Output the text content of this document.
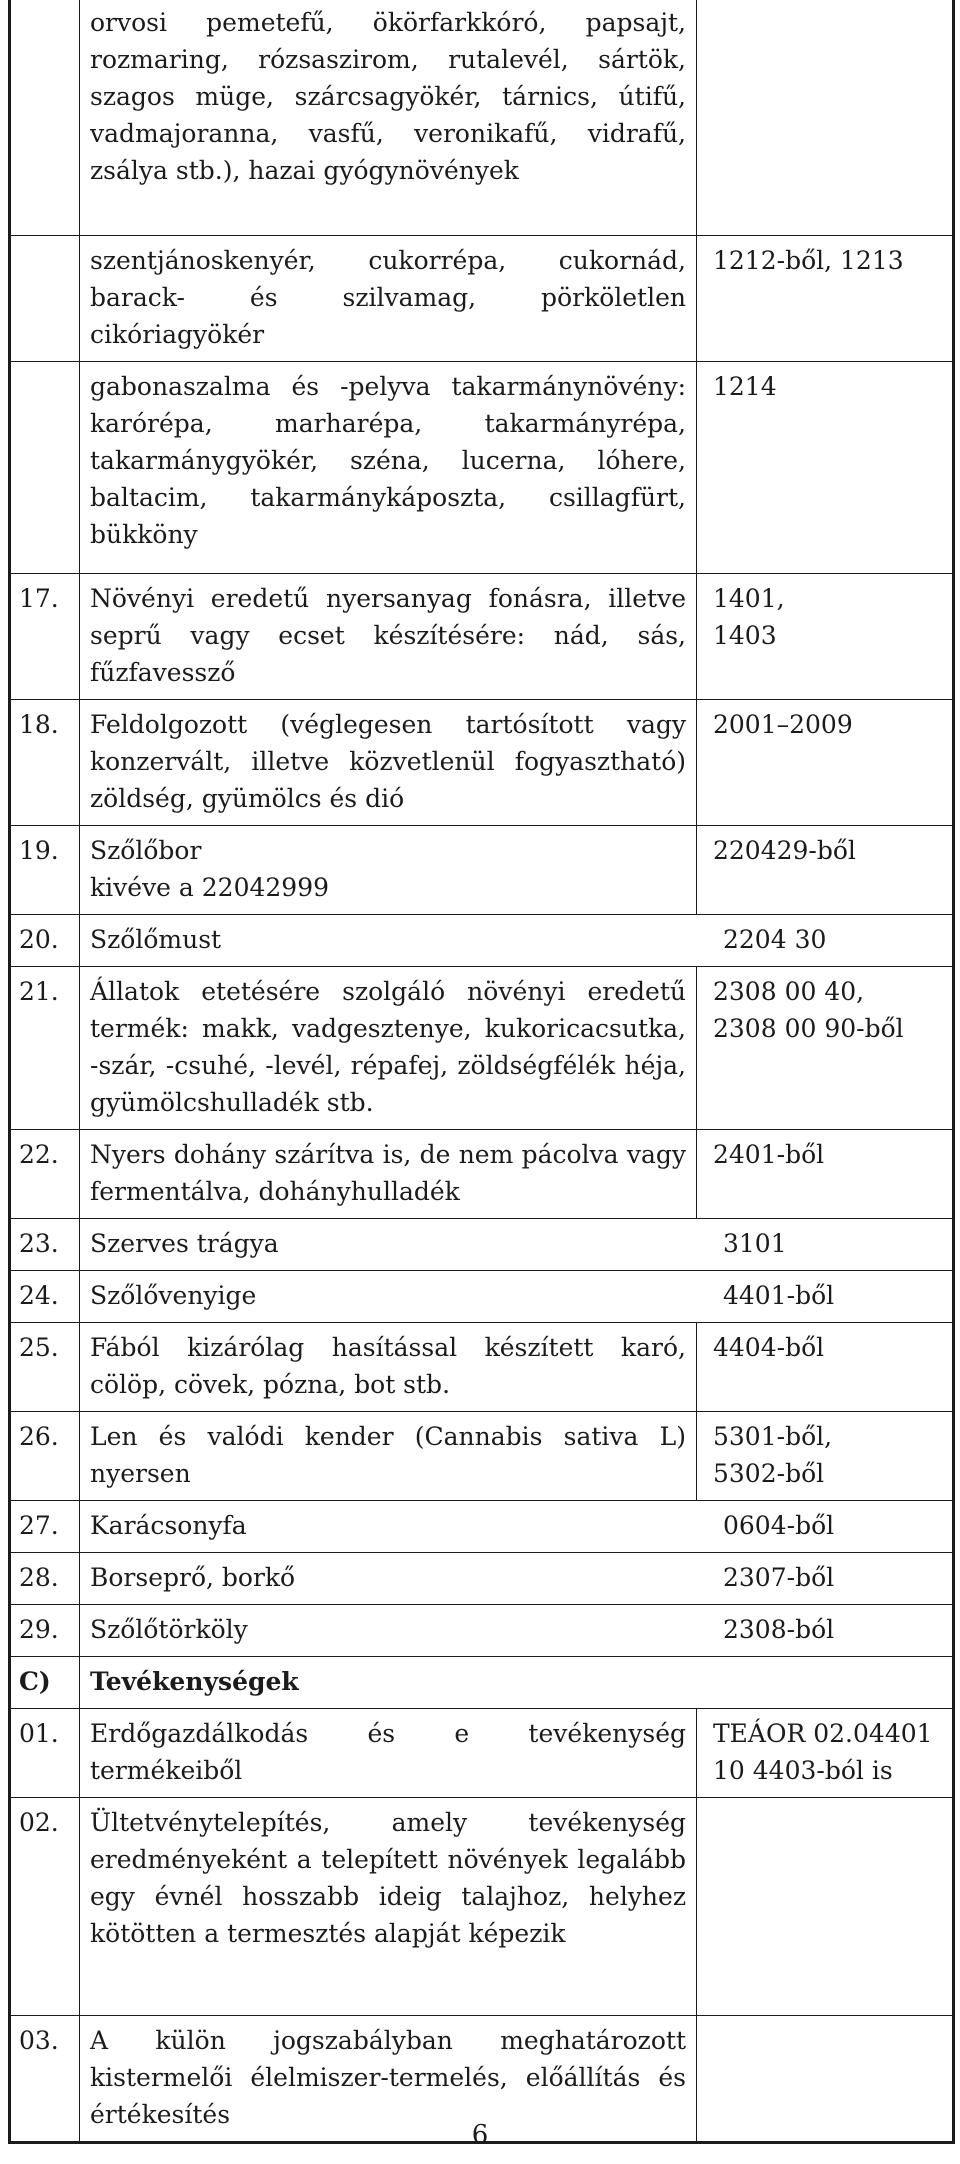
	orvosi pemetefű, ökörfarkkóró, papsajt, rozmaring, rózsaszirom, rutalevél, sártök, szagos müge, szárcsagyökér, tárnics, útifű, vadmajoranna, vasfű, veronikafű, vidrafű, zsálya stb.), hazai gyógynövények	
	szentjánoskenyér, cukorrépa, cukornád, barack- és szilvamag, pörköletlen cikóriagyökér	1212-ből, 1213
	gabonaszalma és -pelyva takarmánynövény: karórépa, marharépa, takarmányrépa, takarmánygyökér, széna, lucerna, lóhere, baltacim, takarmánykáposzta, csillagfürt, bükköny	1214
17.	Növényi eredetű nyersanyag fonásra, illetve seprű vagy ecset készítésére: nád, sás, fűzfavessző	1401,
1403

18.	Feldolgozott (véglegesen tartósított vagy konzervált, illetve közvetlenül fogyasztható) zöldség, gyümölcs és dió	2001–2009
19.	Szőlőbor
kivéve a 22042999	220429-ből
20.	Szőlőmust 2204 30	

21.	Állatok etetésére szolgáló növényi eredetű termék: makk, vadgesztenye, kukoricacsutka, -szár, -csuhé, -levél, répafej, zöldségfélék héja, gyümölcshulladék stb.	2308 00 40,
2308 00 90-ből

22.	Nyers dohány szárítva is, de nem pácolva vagy fermentálva, dohányhulladék	2401-ből
23.	Szerves trágya 3101	

24.	Szőlővenyige 4401-ből	

25.	Fából kizárólag hasítással készített karó, cölöp, cövek, pózna, bot stb.	4404-ből
26.	Len és valódi kender (Cannabis sativa L) nyersen	5301-ből,
5302-ből

27.	Karácsonyfa 0604-ből	

28.	Borseprő, borkő 2307-ből	

29.	Szőlőtörköly 2308-ból	

C)	Tevékenységek	
01.	Erdőgazdálkodás és e tevékenység termékeiből	TEÁOR 02.04401
10 4403-ból is

02.	Ültetvénytelepítés, amely tevékenység eredményeként a telepített növények legalább egy évnél hosszabb ideig talajhoz, helyhez kötötten a termesztés alapját képezik	
03.	A külön jogszabályban meghatározott kistermelői élelmiszer-termelés, előállítás és értékesítés	
6
